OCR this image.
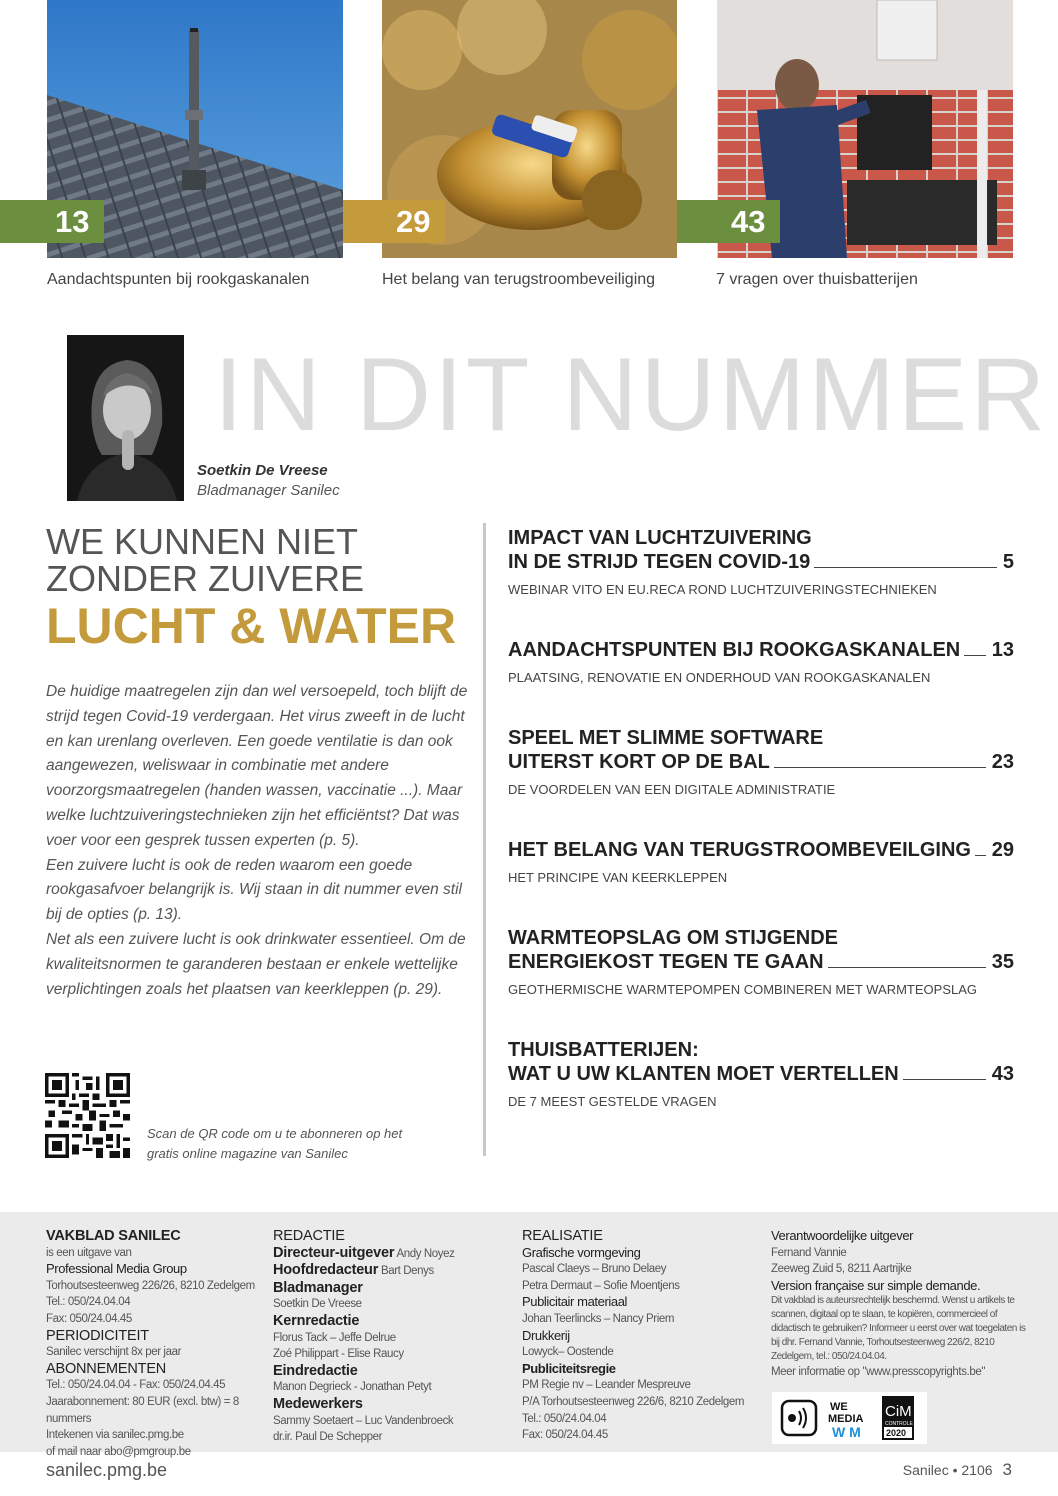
13	29	43
Aandachtspunten bij rookgaskanalen	Het belang van terugstroombeveiliging	7 vragen over thuisbatterijen
IN DIT NUMMER
Soetkin De Vreese
Bladmanager Sanilec
WE KUNNEN NIET
ZONDER ZUIVERE
LUCHT & WATER

De huidige maatregelen zijn dan wel versoepeld, toch blijft de strijd tegen Covid-19 verdergaan. Het virus zweeft in de lucht en kan urenlang overleven. Een goede ventilatie is dan ook aangewezen, weliswaar in combinatie met andere voorzorgsmaatregelen (handen wassen, vaccinatie ...). Maar welke luchtzuiveringstechnieken zijn het efficiëntst? Dat was voer voor een gesprek tussen experten (p. 5).

Een zuivere lucht is ook de reden waarom een goede rookgasafvoer belangrijk is. Wij staan in dit nummer even stil bij de opties (p. 13).

Net als een zuivere lucht is ook drinkwater essentieel. Om de kwaliteitsnormen te garanderen bestaan er enkele wettelijke verplichtingen zoals het plaatsen van keerkleppen (p. 29).

Scan de QR code om u te abonneren op het gratis online magazine van Sanilec
IMPACT VAN LUCHTZUIVERING
IN DE STRIJD TEGEN COVID-19	5
WEBINAR VITO EN EU.RECA ROND LUCHTZUIVERINGSTECHNIEKEN
AANDACHTSPUNTEN BIJ ROOKGASKANALEN 13
PLAATSING, RENOVATIE EN ONDERHOUD VAN ROOKGASKANALEN
SPEEL MET SLIMME SOFTWARE
UITERST KORT OP DE BAL	23
DE VOORDELEN VAN EEN DIGITALE ADMINISTRATIE
HET BELANG VAN TERUGSTROOMBEVEILGING 29
HET PRINCIPE VAN KEERKLEPPEN
WARMTEOPSLAG OM STIJGENDE
ENERGIEKOST TEGEN TE GAAN	35
GEOTHERMISCHE WARMTEPOMPEN COMBINEREN MET WARMTEOPSLAG
THUISBATTERIJEN:
WAT U UW KLANTEN MOET VERTELLEN	43
DE 7 MEEST GESTELDE VRAGEN
VAKBLAD SANILEC
is een uitgave van
Professional Media Group
Torhoutsesteenweg 226/26, 8210 Zedelgem
Tel.: 050/24.04.04
Fax: 050/24.04.45
PERIODICITEIT
Sanilec verschijnt 8x per jaar
ABONNEMENTEN
Tel.: 050/24.04.04 - Fax: 050/24.04.45
Jaarabonnement: 80 EUR (excl. btw) = 8 nummers
Intekenen via sanilec.pmg.be
of mail naar abo@pmgroup.be
REDACTIE
Directeur-uitgever Andy Noyez
Hoofdredacteur Bart Denys
Bladmanager
Soetkin De Vreese
Kernredactie
Florus Tack – Jeffe Delrue
Zoé Philippart - Elise Raucy
Eindredactie
Manon Degrieck - Jonathan Petyt
Medewerkers
Sammy Soetaert – Luc Vandenbroeck
dr.ir. Paul De Schepper
REALISATIE
Grafische vormgeving
Pascal Claeys – Bruno Delaey
Petra Dermaut – Sofie Moentjens
Publicitair materiaal
Johan Teerlincks – Nancy Priem
Drukkerij
Lowyck– Oostende
Publiciteitsregie
PM Regie nv – Leander Mespreuve
P/A Torhoutsesteenweg 226/6, 8210 Zedelgem
Tel.: 050/24.04.04
Fax: 050/24.04.45
Verantwoordelijke uitgever
Fernand Vannie
Zeeweg Zuid 5, 8211 Aartrijke
Version française sur simple demande.
Dit vakblad is auteursrechtelijk beschermd. Wenst u artikels te scannen, digitaal op te slaan, te kopiëren, commercieel of didactisch te gebruiken? Informeer u eerst over wat toegelaten is bij dhr. Fernand Vannie, Torhoutsesteenweg 226/2, 8210 Zedelgem, tel.: 050/24.04.04.
Meer informatie op "www.presscopyrights.be"
WE
MEDIA
W M
CiM
CONTROLE
2020
sanilec.pmg.be	Sanilec • 2106 3
